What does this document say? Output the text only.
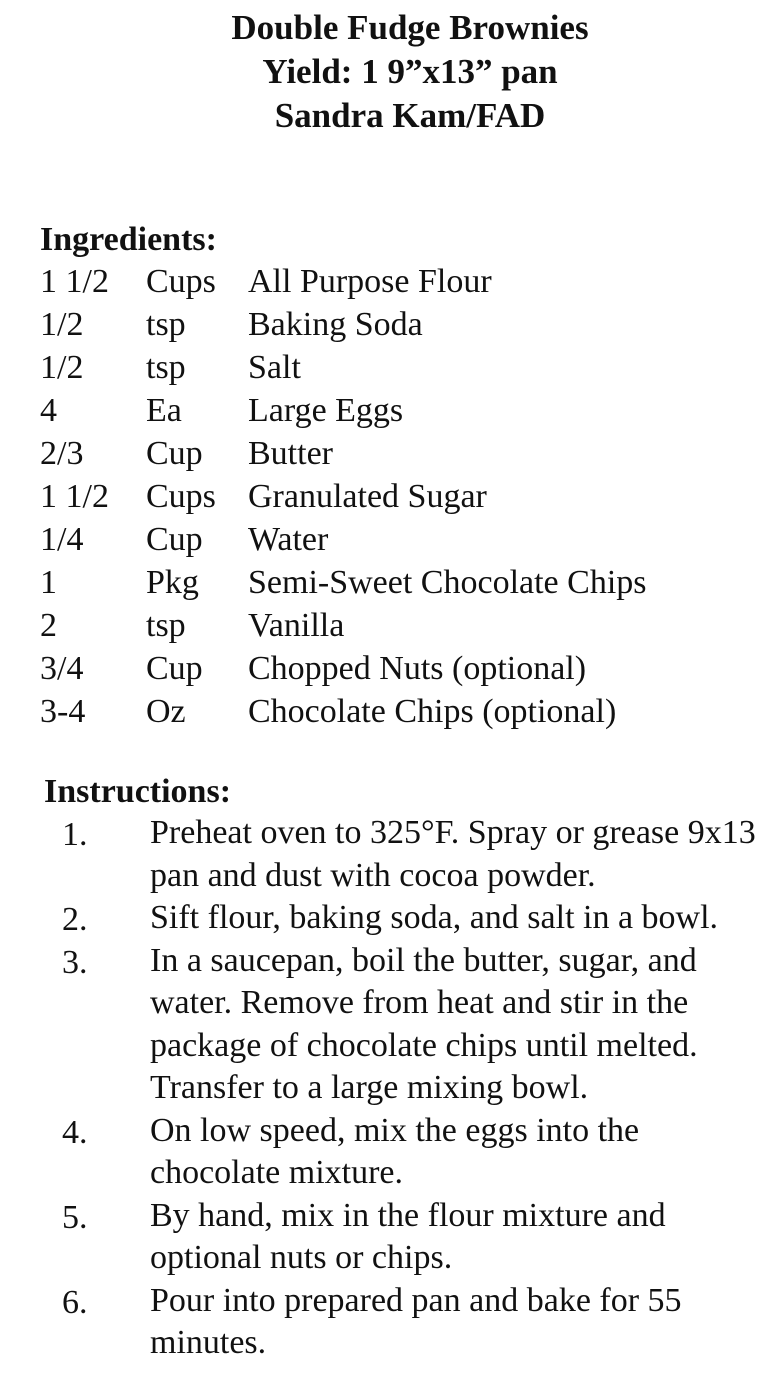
Double Fudge Brownies
Yield: 1 9”x13” pan
Sandra Kam/FAD
Ingredients:
1 1/2 Cups All Purpose Flour
1/2 tsp Baking Soda
1/2 tsp Salt
4	Ea Large Eggs
2/3 Cup Butter
1 1/2 Cups Granulated Sugar
1/4 Cup Water
1	Pkg Semi-Sweet Chocolate Chips
2	tsp Vanilla
3/4 Cup Chopped Nuts (optional)
3-4 Oz Chocolate Chips (optional)
Instructions:
1. Preheat oven to 325°F. Spray or grease 9x13 pan and dust with cocoa powder.
2. Sift flour, baking soda, and salt in a bowl.
3. In a saucepan, boil the butter, sugar, and water. Remove from heat and stir in the package of chocolate chips until melted. Transfer to a large mixing bowl.
4. On low speed, mix the eggs into the chocolate mixture.
5. By hand, mix in the flour mixture and optional nuts or chips.
6. Pour into prepared pan and bake for 55 minutes.
